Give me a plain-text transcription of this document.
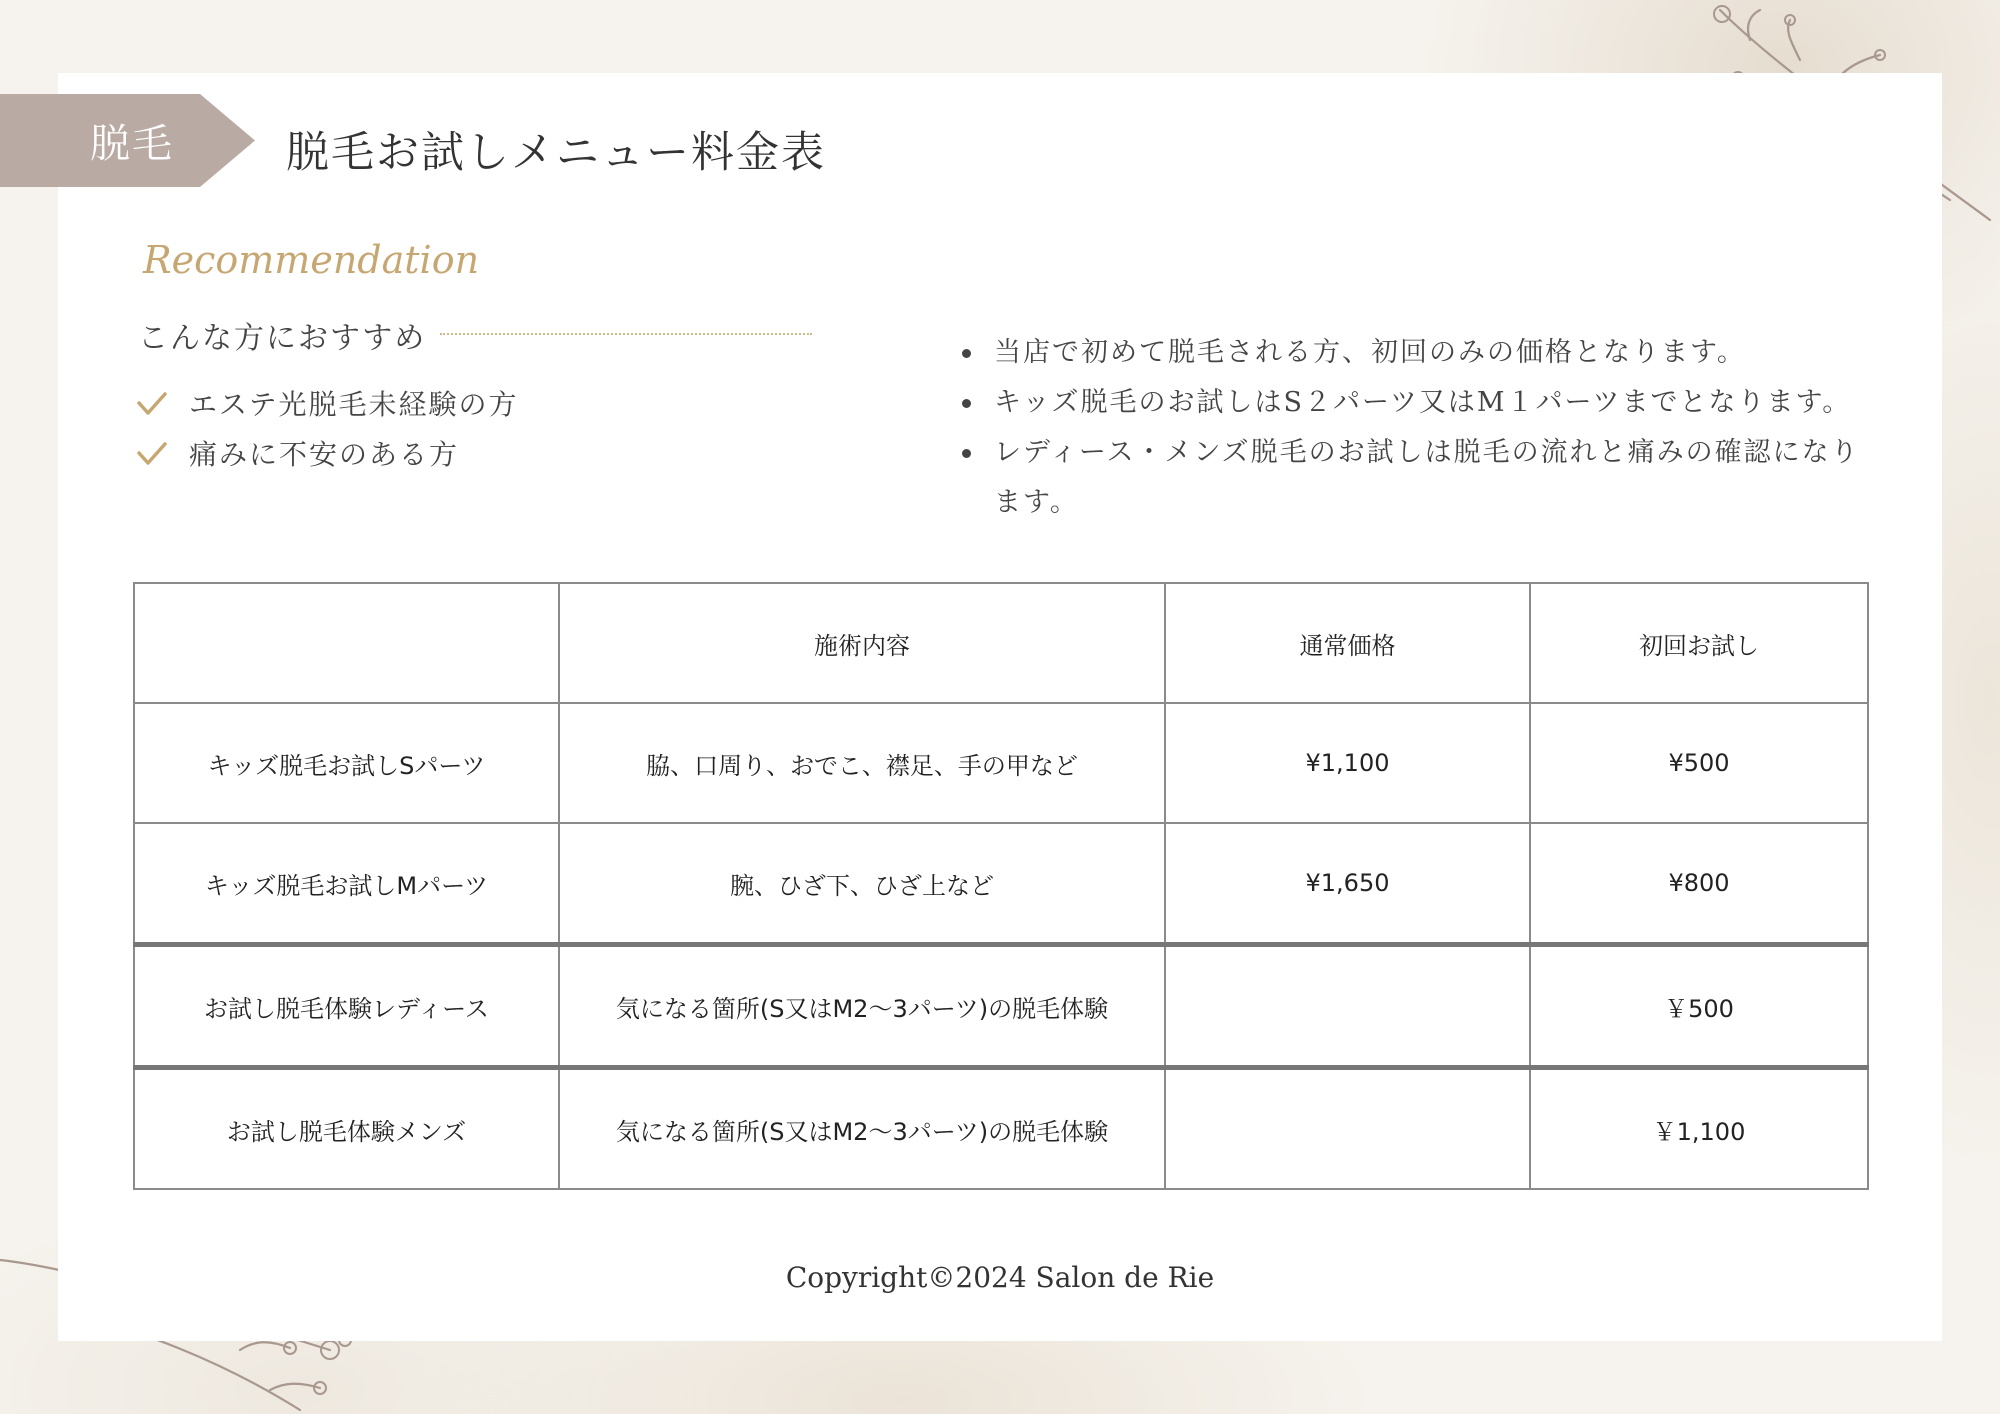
脱毛	脱毛お試しメニュー料金表
Recommendation
こんな方におすすめ
エステ光脱毛未経験の方
痛みに不安のある方
当店で初めて脱毛される方、初回のみの価格となります。
キッズ脱毛のお試しはS２パーツ又はM１パーツまでとなります。
レディース・メンズ脱毛のお試しは脱毛の流れと痛みの確認になります。
	施術内容	通常価格	初回お試し
キッズ脱毛お試しSパーツ	脇、口周り、おでこ、襟足、手の甲など	¥1,100	¥500
キッズ脱毛お試しMパーツ	腕、ひざ下、ひざ上など	¥1,650	¥800
お試し脱毛体験レディース	気になる箇所(S又はM2〜3パーツ)の脱毛体験		￥500
お試し脱毛体験メンズ	気になる箇所(S又はM2〜3パーツ)の脱毛体験		￥1,100
Copyright©2024 Salon de Rie
